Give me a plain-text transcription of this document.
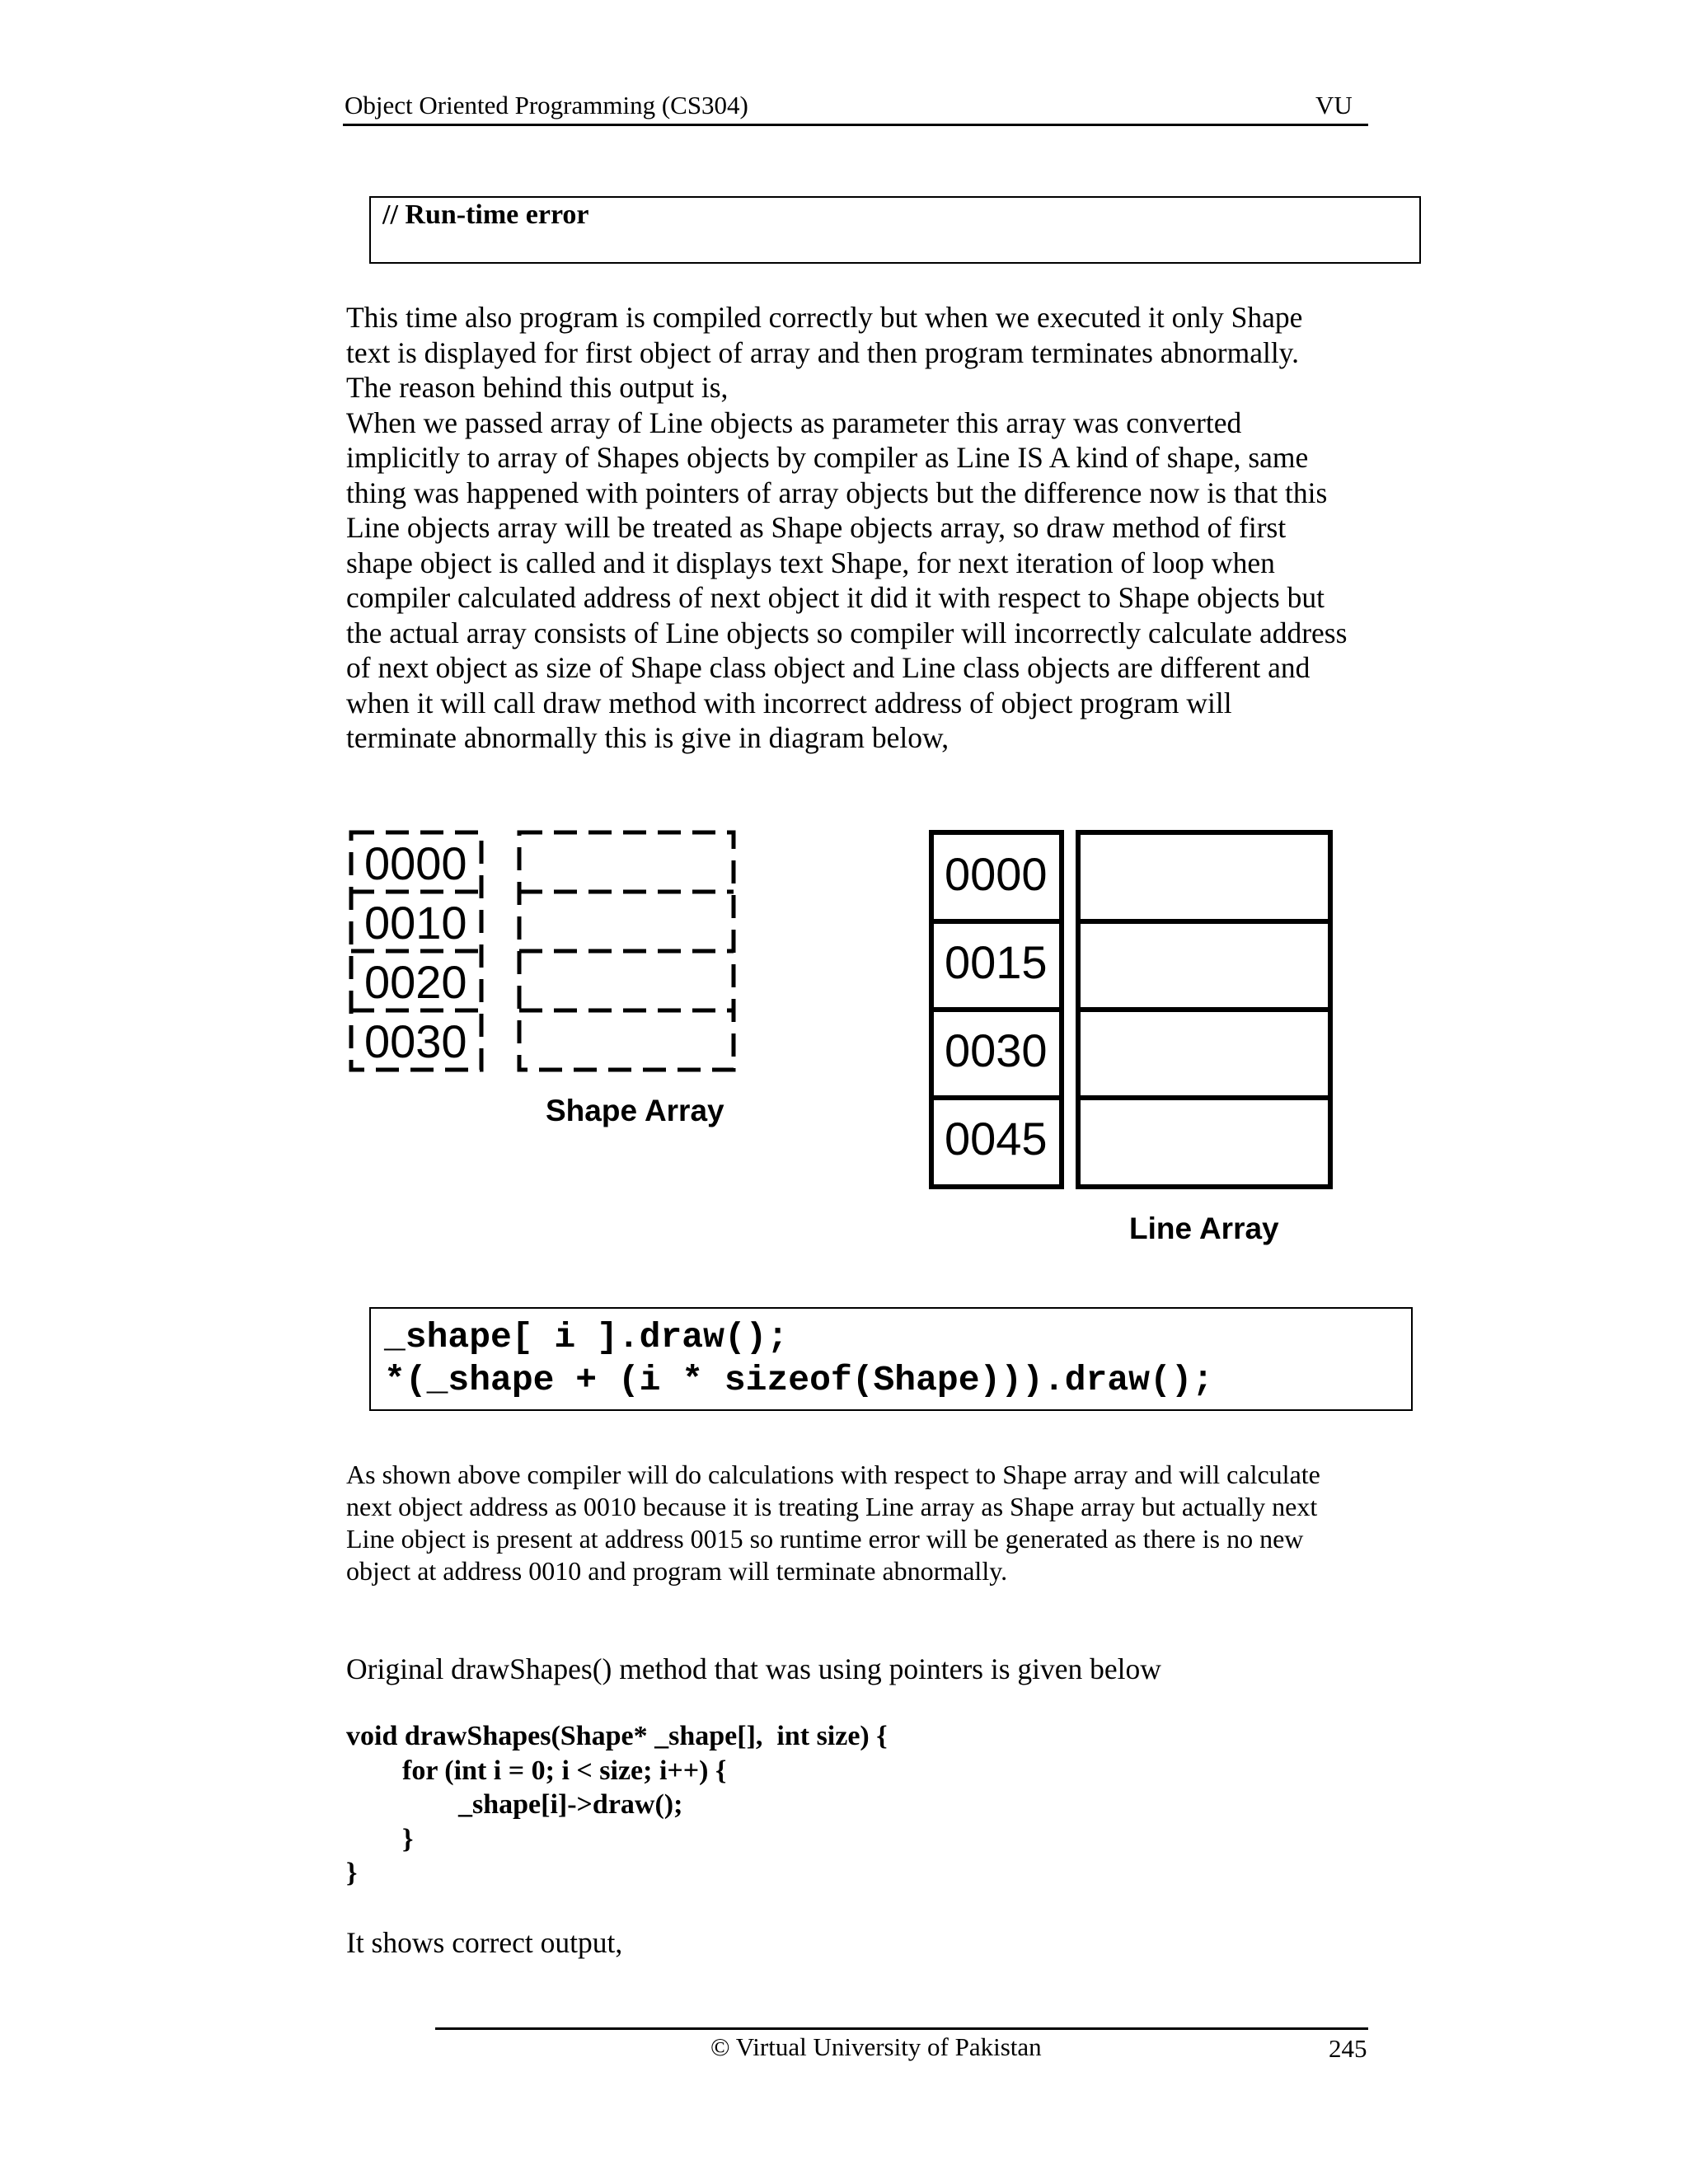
Object Oriented Programming (CS304)	VU
// Run-time error
This time also program is compiled correctly but when we executed it only Shape
text is displayed for first object of array and then program terminates abnormally.
The reason behind this output is,
When we passed array of Line objects as parameter this array was converted
implicitly to array of Shapes objects by compiler as Line IS A kind of shape, same
thing was happened with pointers of array objects but the difference now is that this
Line objects array will be treated as Shape objects array, so draw method of first
shape object is called and it displays text Shape, for next iteration of loop when
compiler calculated address of next object it did it with respect to Shape objects but
the actual array consists of Line objects so compiler will incorrectly calculate address
of next object as size of Shape class object and Line class objects are different and
when it will call draw method with incorrect address of object program will
terminate abnormally this is give in diagram below,
0000
0010
0020
0030
Shape Array
0000
0015
0030
0045
Line Array
_shape[ i ].draw();
*(_shape + (i * sizeof(Shape))).draw();
As shown above compiler will do calculations with respect to Shape array and will calculate
next object address as 0010 because it is treating Line array as Shape array but actually next
Line object is present at address 0015 so runtime error will be generated as there is no new
object at address 0010 and program will terminate abnormally.
Original drawShapes() method that was using pointers is given below
void drawShapes(Shape* _shape[],  int size) {
for (int i = 0; i < size; i++) {
_shape[i]->draw();
}
}
It shows correct output,
© Virtual University of Pakistan	245
